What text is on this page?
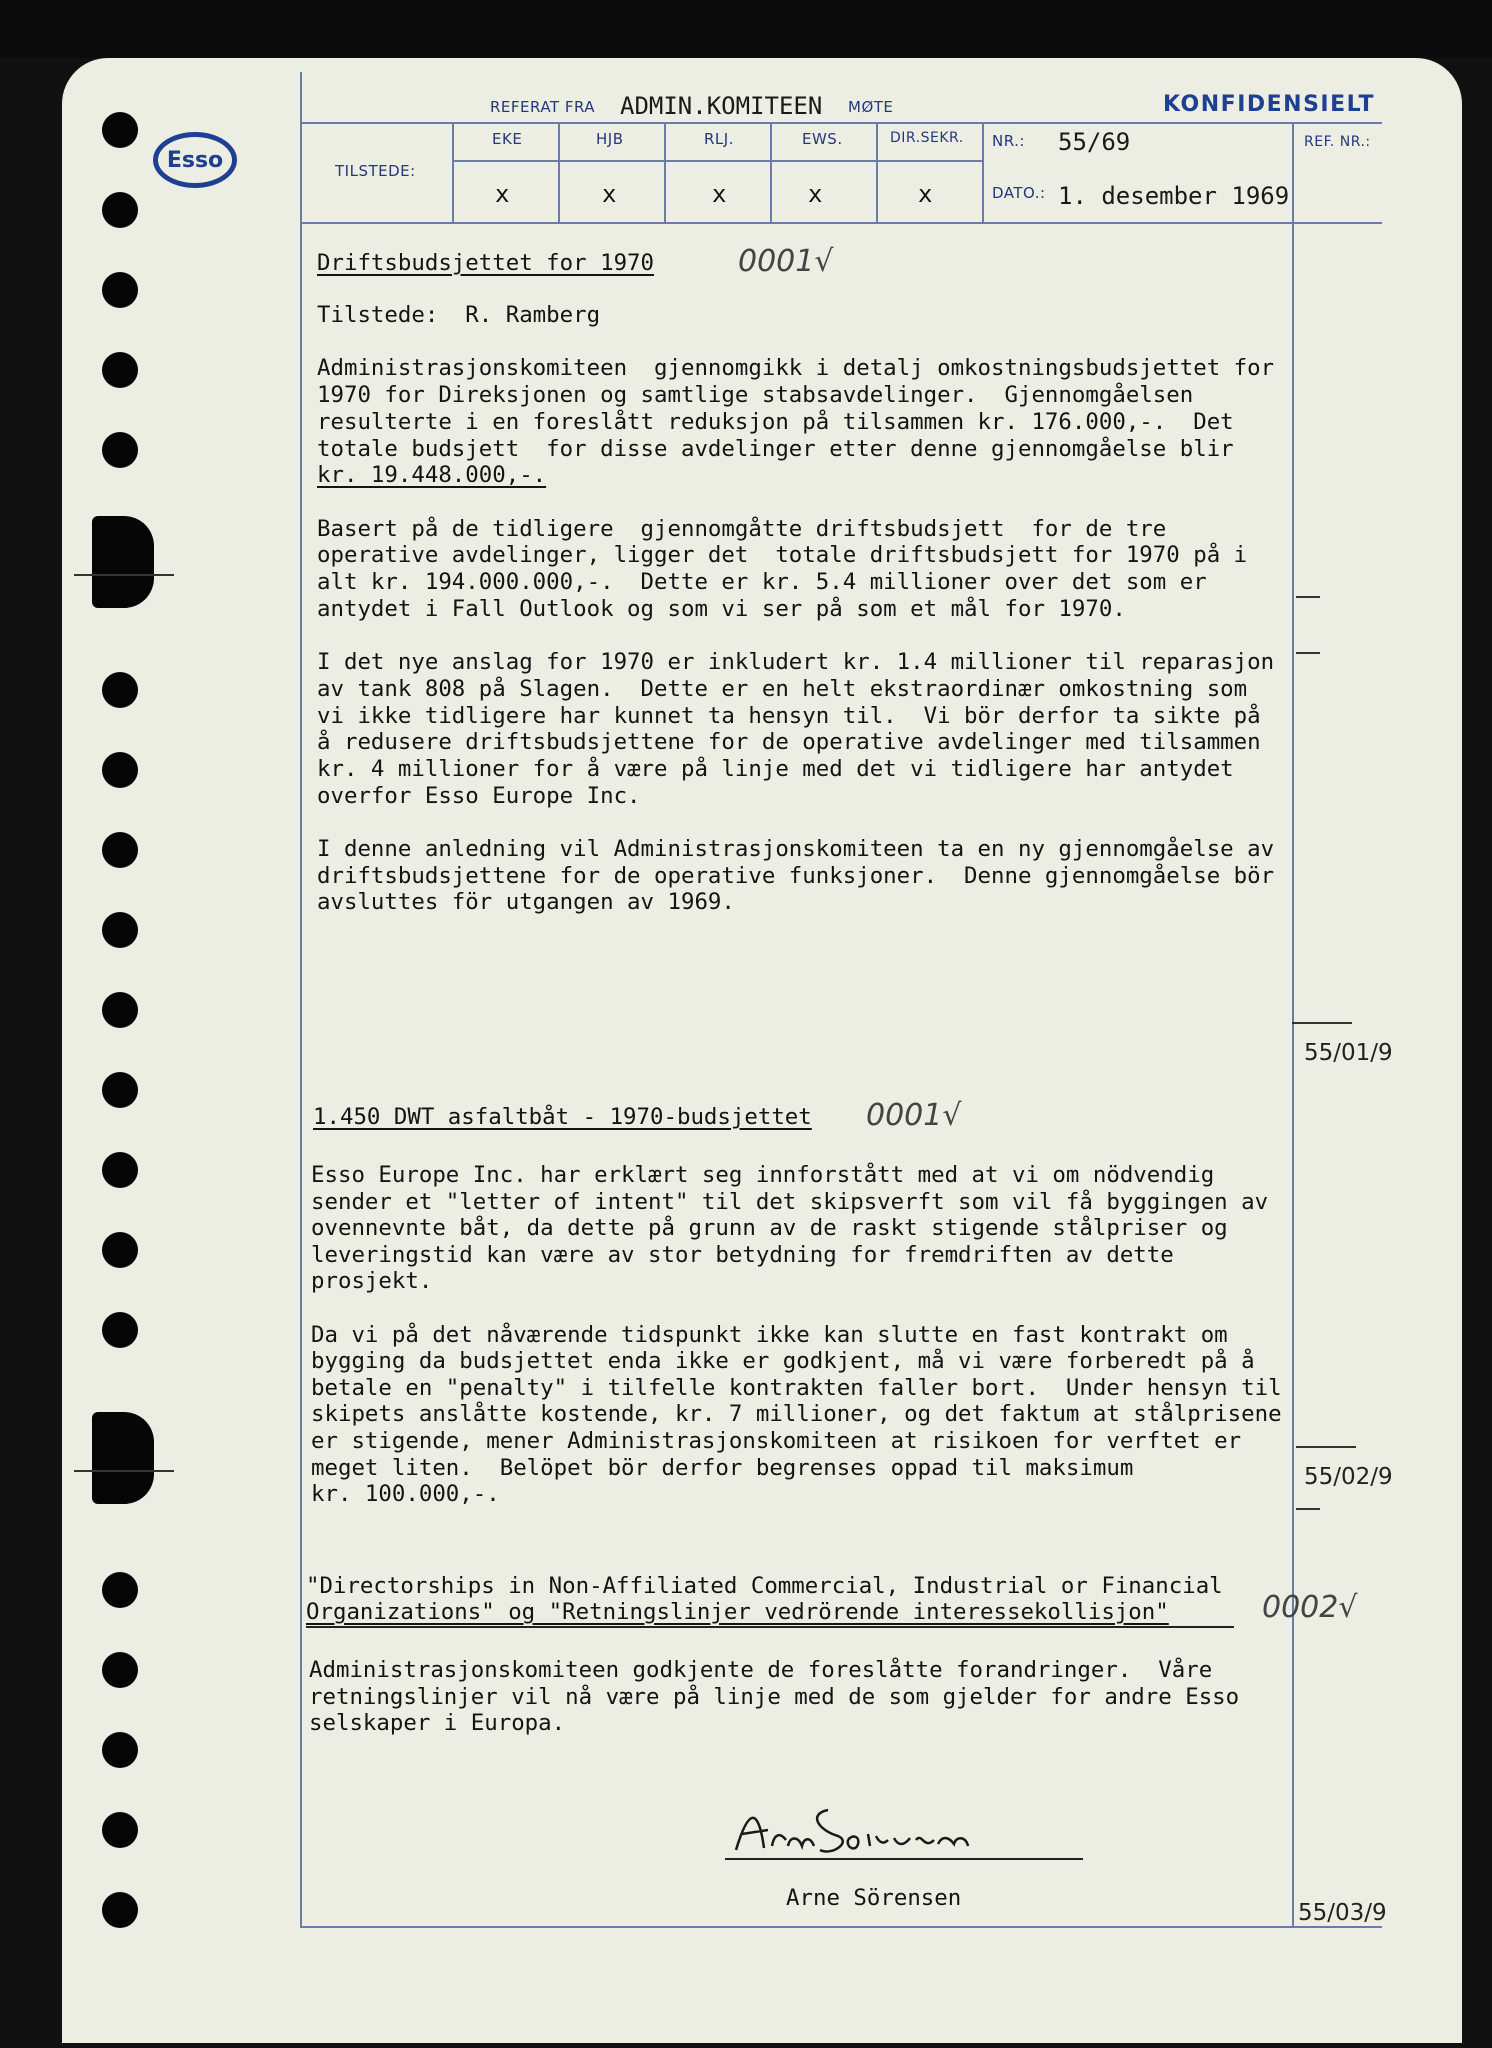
Esso
REFERAT FRA ADMIN.KOMITEEN MØTE	KONFIDENSIELT
TILSTEDE:
EKE	HJB	RLJ.	EWS.	DIR.SEKR.
x	x	x	x	x
NR.: 55/69
DATO.: 1. desember 1969
REF. NR.:
Driftsbudsjettet for 1970	0001√
Tilstede:  R. Ramberg
Administrasjonskomiteen  gjennomgikk i detalj omkostningsbudsjettet for
1970 for Direksjonen og samtlige stabsavdelinger.  Gjennomgåelsen
resulterte i en foreslått reduksjon på tilsammen kr. 176.000,-.  Det
totale budsjett  for disse avdelinger etter denne gjennomgåelse blir
kr. 19.448.000,-.
Basert på de tidligere  gjennomgåtte driftsbudsjett  for de tre
operative avdelinger, ligger det  totale driftsbudsjett for 1970 på i
alt kr. 194.000.000,-.  Dette er kr. 5.4 millioner over det som er
antydet i Fall Outlook og som vi ser på som et mål for 1970.
I det nye anslag for 1970 er inkludert kr. 1.4 millioner til reparasjon
av tank 808 på Slagen.  Dette er en helt ekstraordinær omkostning som
vi ikke tidligere har kunnet ta hensyn til.  Vi bör derfor ta sikte på
å redusere driftsbudsjettene for de operative avdelinger med tilsammen
kr. 4 millioner for å være på linje med det vi tidligere har antydet
overfor Esso Europe Inc.
I denne anledning vil Administrasjonskomiteen ta en ny gjennomgåelse av
driftsbudsjettene for de operative funksjoner.  Denne gjennomgåelse bör
avsluttes för utgangen av 1969.
55/01/9
1.450 DWT asfaltbåt - 1970-budsjettet 0001√
Esso Europe Inc. har erklært seg innforstått med at vi om nödvendig
sender et "letter of intent" til det skipsverft som vil få byggingen av
ovennevnte båt, da dette på grunn av de raskt stigende stålpriser og
leveringstid kan være av stor betydning for fremdriften av dette
prosjekt.
Da vi på det nåværende tidspunkt ikke kan slutte en fast kontrakt om
bygging da budsjettet enda ikke er godkjent, må vi være forberedt på å
betale en "penalty" i tilfelle kontrakten faller bort.  Under hensyn til
skipets anslåtte kostende, kr. 7 millioner, og det faktum at stålprisene
er stigende, mener Administrasjonskomiteen at risikoen for verftet er
meget liten.  Belöpet bör derfor begrenses oppad til maksimum
kr. 100.000,-.
55/02/9
"Directorships in Non-Affiliated Commercial, Industrial or Financial
Organizations" og "Retningslinjer vedrörende interessekollisjon"	0002√
Administrasjonskomiteen godkjente de foreslåtte forandringer.  Våre
retningslinjer vil nå være på linje med de som gjelder for andre Esso
selskaper i Europa.
Arne Sörensen
55/03/9
